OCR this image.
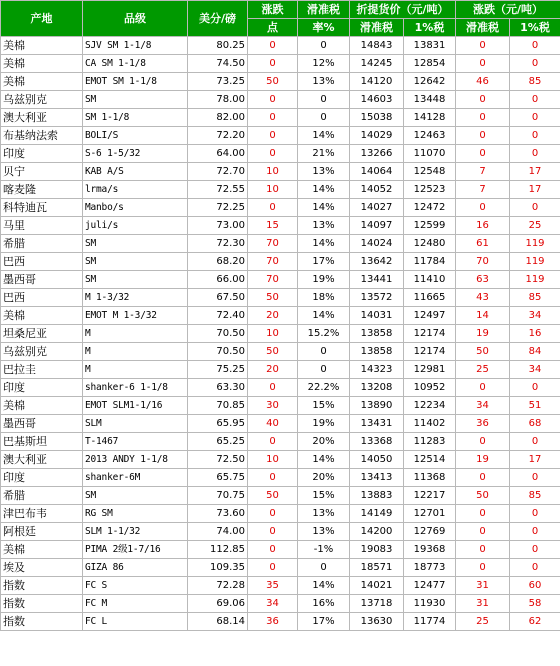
产地	品级	美分/磅	涨跌	滑准税	折提货价（元/吨）		涨跌（元/吨）	
			点	率%	滑准税	1%税	滑准税	1%税
美棉	SJV SM 1-1/8	80.25	0	0	14843	13831	0	0
美棉	CA SM 1-1/8	74.50	0	12%	14245	12854	0	0
美棉	EMOT SM 1-1/8	73.25	50	13%	14120	12642	46	85
乌兹别克	SM	78.00	0	0	14603	13448	0	0
澳大利亚	SM 1-1/8	82.00	0	0	15038	14128	0	0
布基纳法索	BOLI/S	72.20	0	14%	14029	12463	0	0
印度	S-6 1-5/32	64.00	0	21%	13266	11070	0	0
贝宁	KAB A/S	72.70	10	13%	14064	12548	7	17
喀麦隆	lrma/s	72.55	10	14%	14052	12523	7	17
科特迪瓦	Manbo/s	72.25	0	14%	14027	12472	0	0
马里	juli/s	73.00	15	13%	14097	12599	16	25
希腊	SM	72.30	70	14%	14024	12480	61	119
巴西	SM	68.20	70	17%	13642	11784	70	119
墨西哥	SM	66.00	70	19%	13441	11410	63	119
巴西	M 1-3/32	67.50	50	18%	13572	11665	43	85
美棉	EMOT M 1-3/32	72.40	20	14%	14031	12497	14	34
坦桑尼亚	M	70.50	10	15.2%	13858	12174	19	16
乌兹别克	M	70.50	50	0	13858	12174	50	84
巴拉圭	M	75.25	20	0	14323	12981	25	34
印度	shanker-6 1-1/8	63.30	0	22.2%	13208	10952	0	0
美棉	EMOT SLM1-1/16	70.85	30	15%	13890	12234	34	51
墨西哥	SLM	65.95	40	19%	13431	11402	36	68
巴基斯坦	T-1467	65.25	0	20%	13368	11283	0	0
澳大利亚	2013 ANDY 1-1/8	72.50	10	14%	14050	12514	19	17
印度	shanker-6M	65.75	0	20%	13413	11368	0	0
希腊	SM	70.75	50	15%	13883	12217	50	85
津巴布韦	RG SM	73.60	0	13%	14149	12701	0	0
阿根廷	SLM 1-1/32	74.00	0	13%	14200	12769	0	0
美棉	PIMA 2级1-7/16	112.85	0	-1%	19083	19368	0	0
埃及	GIZA 86	109.35	0	0	18571	18773	0	0
指数	FC S	72.28	35	14%	14021	12477	31	60
指数	FC M	69.06	34	16%	13718	11930	31	58
指数	FC L	68.14	36	17%	13630	11774	25	62
